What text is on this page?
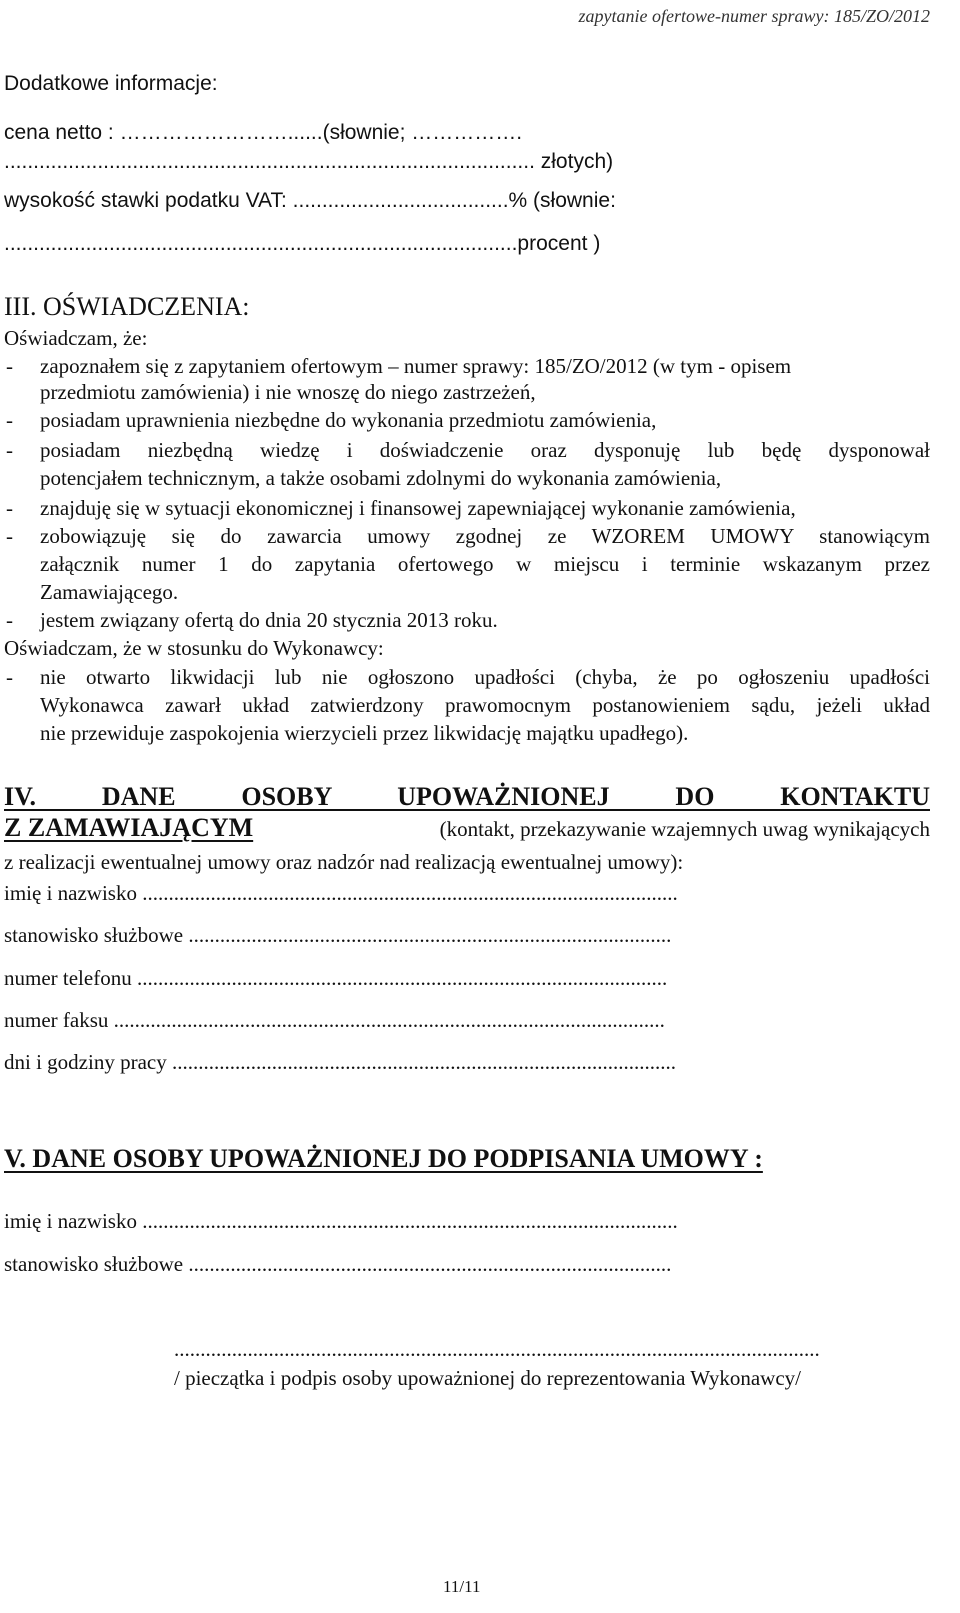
zapytanie ofertowe-numer sprawy: 185/ZO/2012
Dodatkowe informacje:
cena netto : ……………………......(słownie; …………….
........................................................................................... złotych)
wysokość stawki podatku VAT: .....................................% (słownie:
........................................................................................procent )
III. OŚWIADCZENIA:
Oświadczam, że:
- zapoznałem się z zapytaniem ofertowym – numer sprawy: 185/ZO/2012 (w tym - opisem
przedmiotu zamówienia) i nie wnoszę do niego zastrzeżeń,
- posiadam uprawnienia niezbędne do wykonania przedmiotu zamówienia,
- posiadam niezbędną wiedzę i doświadczenie oraz dysponuję lub będę dysponował
potencjałem technicznym, a także osobami zdolnymi do wykonania zamówienia,
- znajduję się w sytuacji ekonomicznej i finansowej zapewniającej wykonanie zamówienia,
- zobowiązuję się do zawarcia umowy zgodnej ze WZOREM UMOWY stanowiącym
załącznik numer 1 do zapytania ofertowego w miejscu i terminie wskazanym przez
Zamawiającego.
- jestem związany ofertą do dnia 20 stycznia 2013 roku.
Oświadczam, że w stosunku do Wykonawcy:
- nie otwarto likwidacji lub nie ogłoszono upadłości (chyba, że po ogłoszeniu upadłości
Wykonawca zawarł układ zatwierdzony prawomocnym postanowieniem sądu, jeżeli układ
nie przewiduje zaspokojenia wierzycieli przez likwidację majątku upadłego).
IV. DANE OSOBY UPOWAŻNIONEJ DO KONTAKTU
Z ZAMAWIAJĄCYM	(kontakt, przekazywanie wzajemnych uwag wynikających
z realizacji ewentualnej umowy oraz nadzór nad realizacją ewentualnej umowy):
imię i nazwisko ......................................................................................................
stanowisko służbowe ............................................................................................
numer telefonu .....................................................................................................
numer faksu .........................................................................................................
dni i godziny pracy ................................................................................................
V. DANE OSOBY UPOWAŻNIONEJ DO PODPISANIA UMOWY :
imię i nazwisko ......................................................................................................
stanowisko służbowe ............................................................................................
...........................................................................................................................
/ pieczątka i podpis osoby upoważnionej do reprezentowania Wykonawcy/
11/11
